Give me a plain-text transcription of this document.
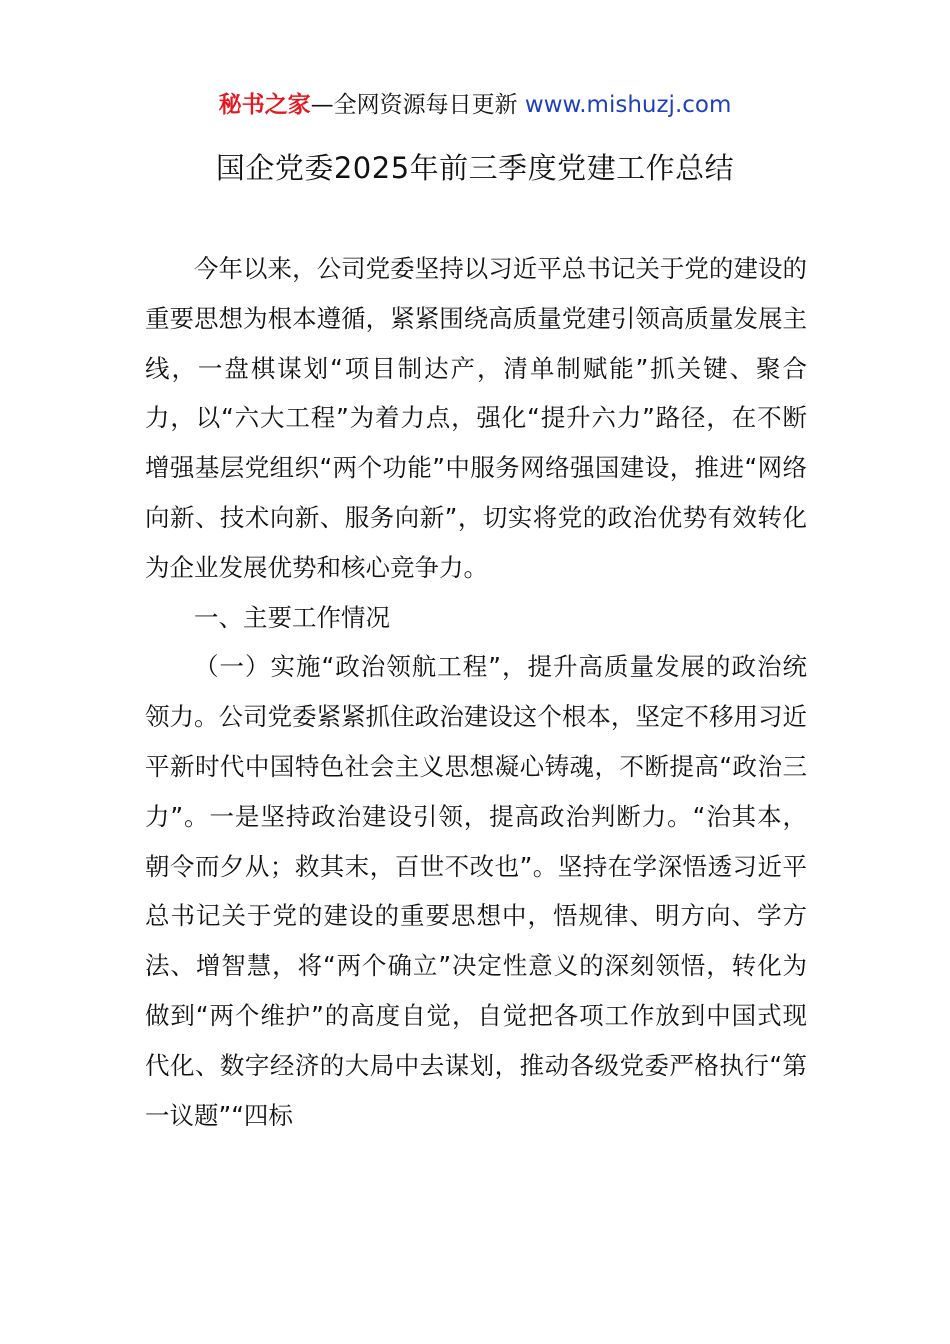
秘书之家—全网资源每日更新 www.mishuzj.com
国企党委2025年前三季度党建工作总结

今年以来，公司党委坚持以习近平总书记关于党的建设的重要思想为根本遵循，紧紧围绕高质量党建引领高质量发展主线，一盘棋谋划“项目制达产，清单制赋能”抓关键、聚合力，以“六大工程”为着力点，强化“提升六力”路径，在不断增强基层党组织“两个功能”中服务网络强国建设，推进“网络向新、技术向新、服务向新”，切实将党的政治优势有效转化为企业发展优势和核心竞争力。

一、主要工作情况

（一）实施“政治领航工程”，提升高质量发展的政治统领力。公司党委紧紧抓住政治建设这个根本，坚定不移用习近平新时代中国特色社会主义思想凝心铸魂，不断提高“政治三力”。一是坚持政治建设引领，提高政治判断力。“治其本，朝令而夕从；救其末，百世不改也”。坚持在学深悟透习近平总书记关于党的建设的重要思想中，悟规律、明方向、学方法、增智慧，将“两个确立”决定性意义的深刻领悟，转化为做到“两个维护”的高度自觉，自觉把各项工作放到中国式现代化、数字经济的大局中去谋划，推动各级党委严格执行“第一议题”“四标
